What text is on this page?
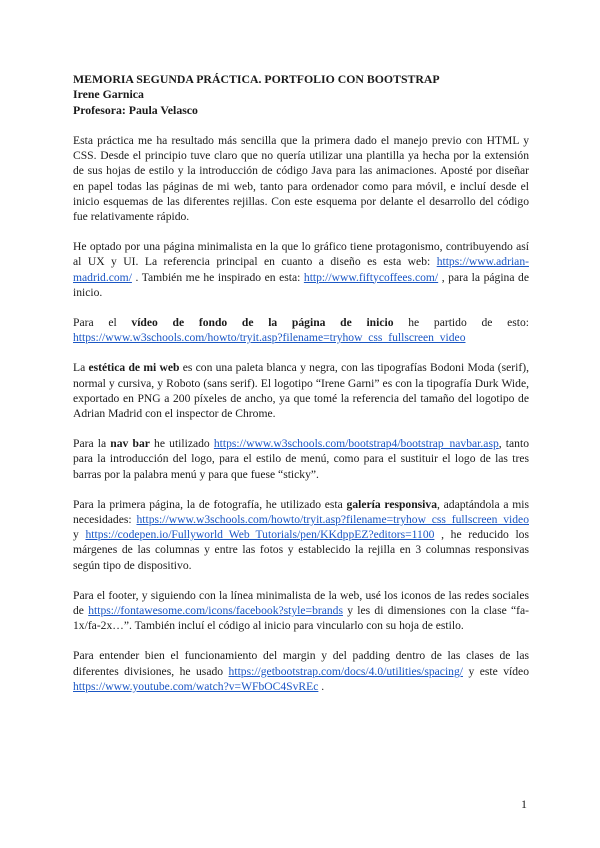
MEMORIA SEGUNDA PRÁCTICA. PORTFOLIO CON BOOTSTRAP
Irene Garnica
Profesora: Paula Velasco

Esta práctica me ha resultado más sencilla que la primera dado el manejo previo con HTML y CSS. Desde el principio tuve claro que no quería utilizar una plantilla ya hecha por la extensión de sus hojas de estilo y la introducción de código Java para las animaciones. Aposté por diseñar en papel todas las páginas de mi web, tanto para ordenador como para móvil, e incluí desde el inicio esquemas de las diferentes rejillas. Con este esquema por delante el desarrollo del código fue relativamente rápido.

He optado por una página minimalista en la que lo gráfico tiene protagonismo, contribuyendo así al UX y UI. La referencia principal en cuanto a diseño es esta web: https://www.adrian-madrid.com/ . También me he inspirado en esta: http://www.fiftycoffees.com/ , para la página de inicio.

Para el vídeo de fondo de la página de inicio he partido de esto: https://www.w3schools.com/howto/tryit.asp?filename=tryhow_css_fullscreen_video

La estética de mi web es con una paleta blanca y negra, con las tipografías Bodoni Moda (serif), normal y cursiva, y Roboto (sans serif). El logotipo “Irene Garni” es con la tipografía Durk Wide, exportado en PNG a 200 píxeles de ancho, ya que tomé la referencia del tamaño del logotipo de Adrian Madrid con el inspector de Chrome.

Para la nav bar he utilizado https://www.w3schools.com/bootstrap4/bootstrap_navbar.asp, tanto para la introducción del logo, para el estilo de menú, como para el sustituir el logo de las tres barras por la palabra menú y para que fuese “sticky”.

Para la primera página, la de fotografía, he utilizado esta galería responsiva, adaptándola a mis necesidades: https://www.w3schools.com/howto/tryit.asp?filename=tryhow_css_fullscreen_video y https://codepen.io/Fullyworld_Web_Tutorials/pen/KKdppEZ?editors=1100 , he reducido los márgenes de las columnas y entre las fotos y establecido la rejilla en 3 columnas responsivas según tipo de dispositivo.

Para el footer, y siguiendo con la línea minimalista de la web, usé los iconos de las redes sociales de https://fontawesome.com/icons/facebook?style=brands y les di dimensiones con la clase “fa-1x/fa-2x…”. También incluí el código al inicio para vincularlo con su hoja de estilo.

Para entender bien el funcionamiento del margin y del padding dentro de las clases de las diferentes divisiones, he usado https://getbootstrap.com/docs/4.0/utilities/spacing/ y este vídeo https://www.youtube.com/watch?v=WFbOC4SvREc .

1
